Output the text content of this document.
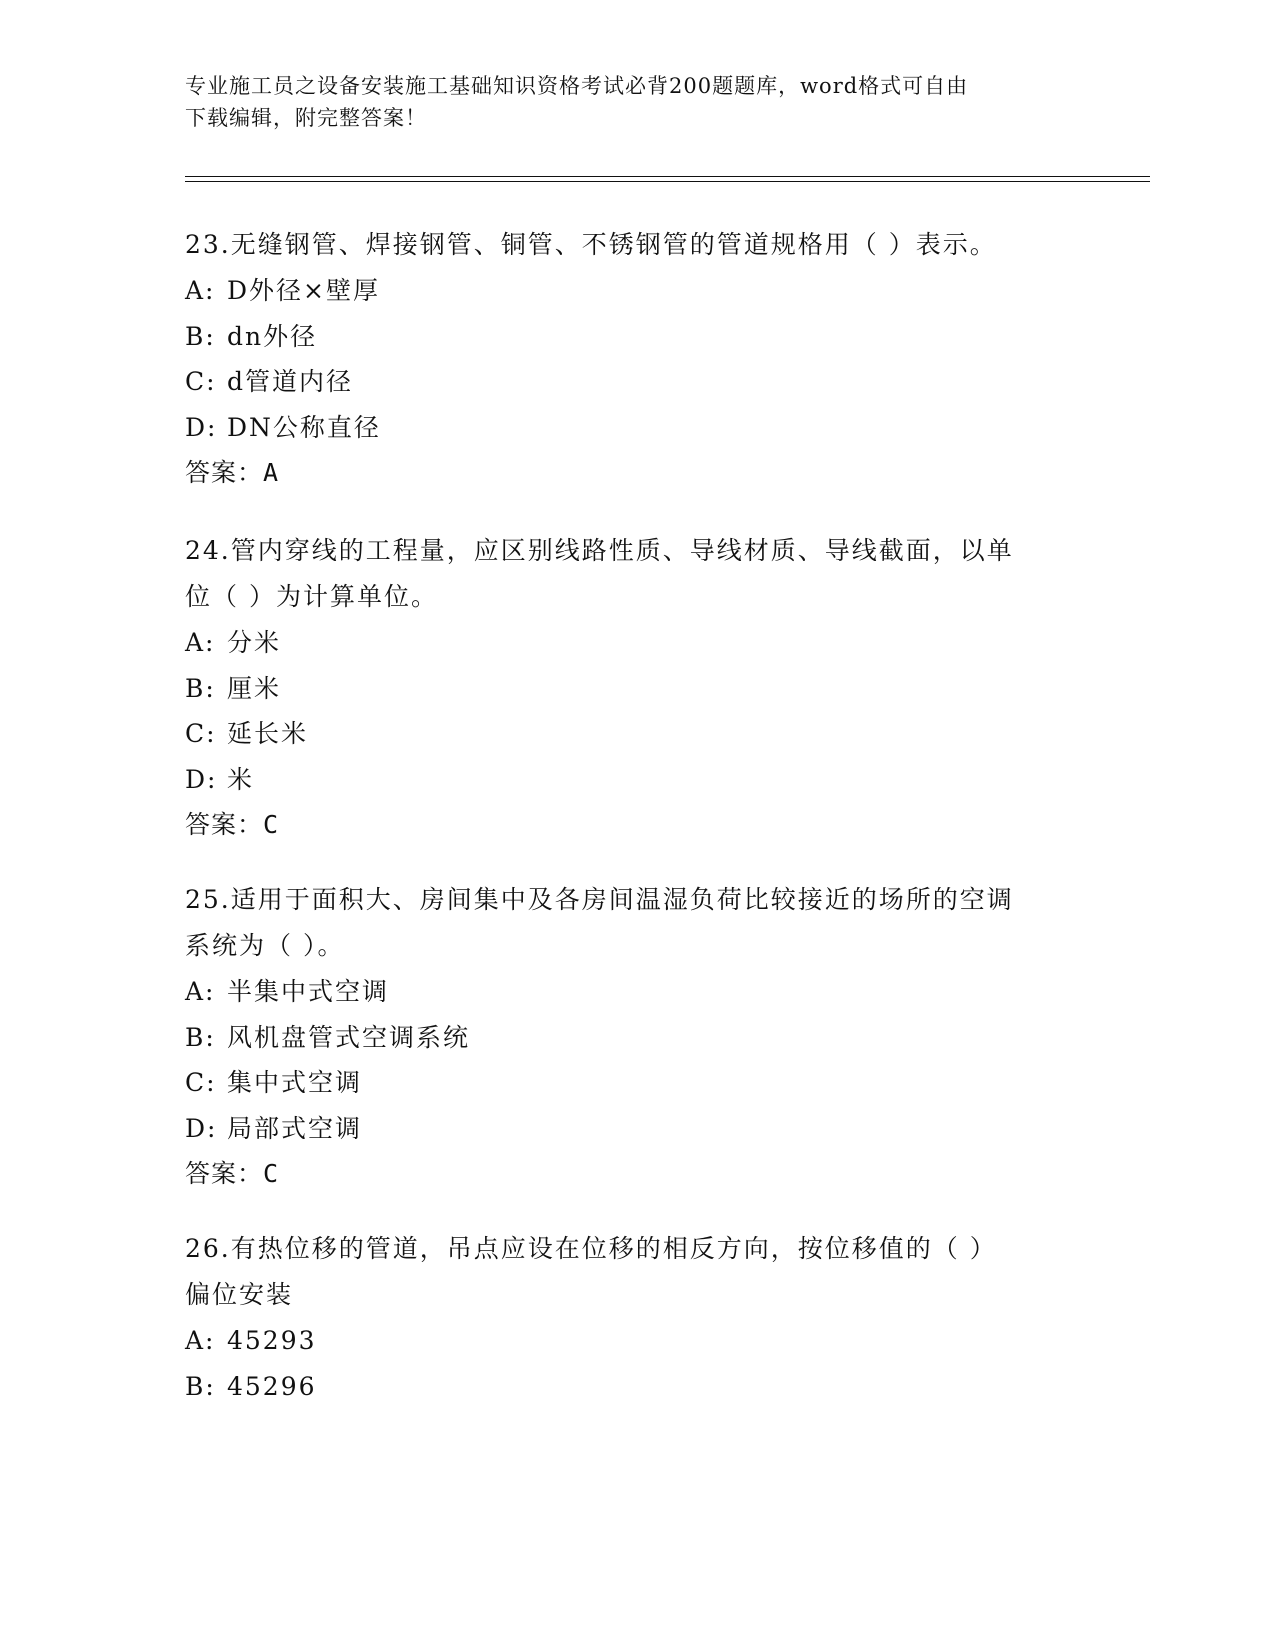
专业施工员之设备安装施工基础知识资格考试必背200题题库，word格式可自由
下载编辑，附完整答案！
23.无缝钢管、焊接钢管、铜管、不锈钢管的管道规格用（ ）表示。
A: D外径×壁厚
B: dn外径
C: d管道内径
D: DN公称直径
答案：A
24.管内穿线的工程量，应区别线路性质、导线材质、导线截面，以单
位（ ）为计算单位。
A: 分米
B: 厘米
C: 延长米
D: 米
答案：C
25.适用于面积大、房间集中及各房间温湿负荷比较接近的场所的空调
系统为（ ）。
A: 半集中式空调
B: 风机盘管式空调系统
C: 集中式空调
D: 局部式空调
答案：C
26.有热位移的管道，吊点应设在位移的相反方向，按位移值的（ ）
偏位安装
A: 45293
B: 45296
